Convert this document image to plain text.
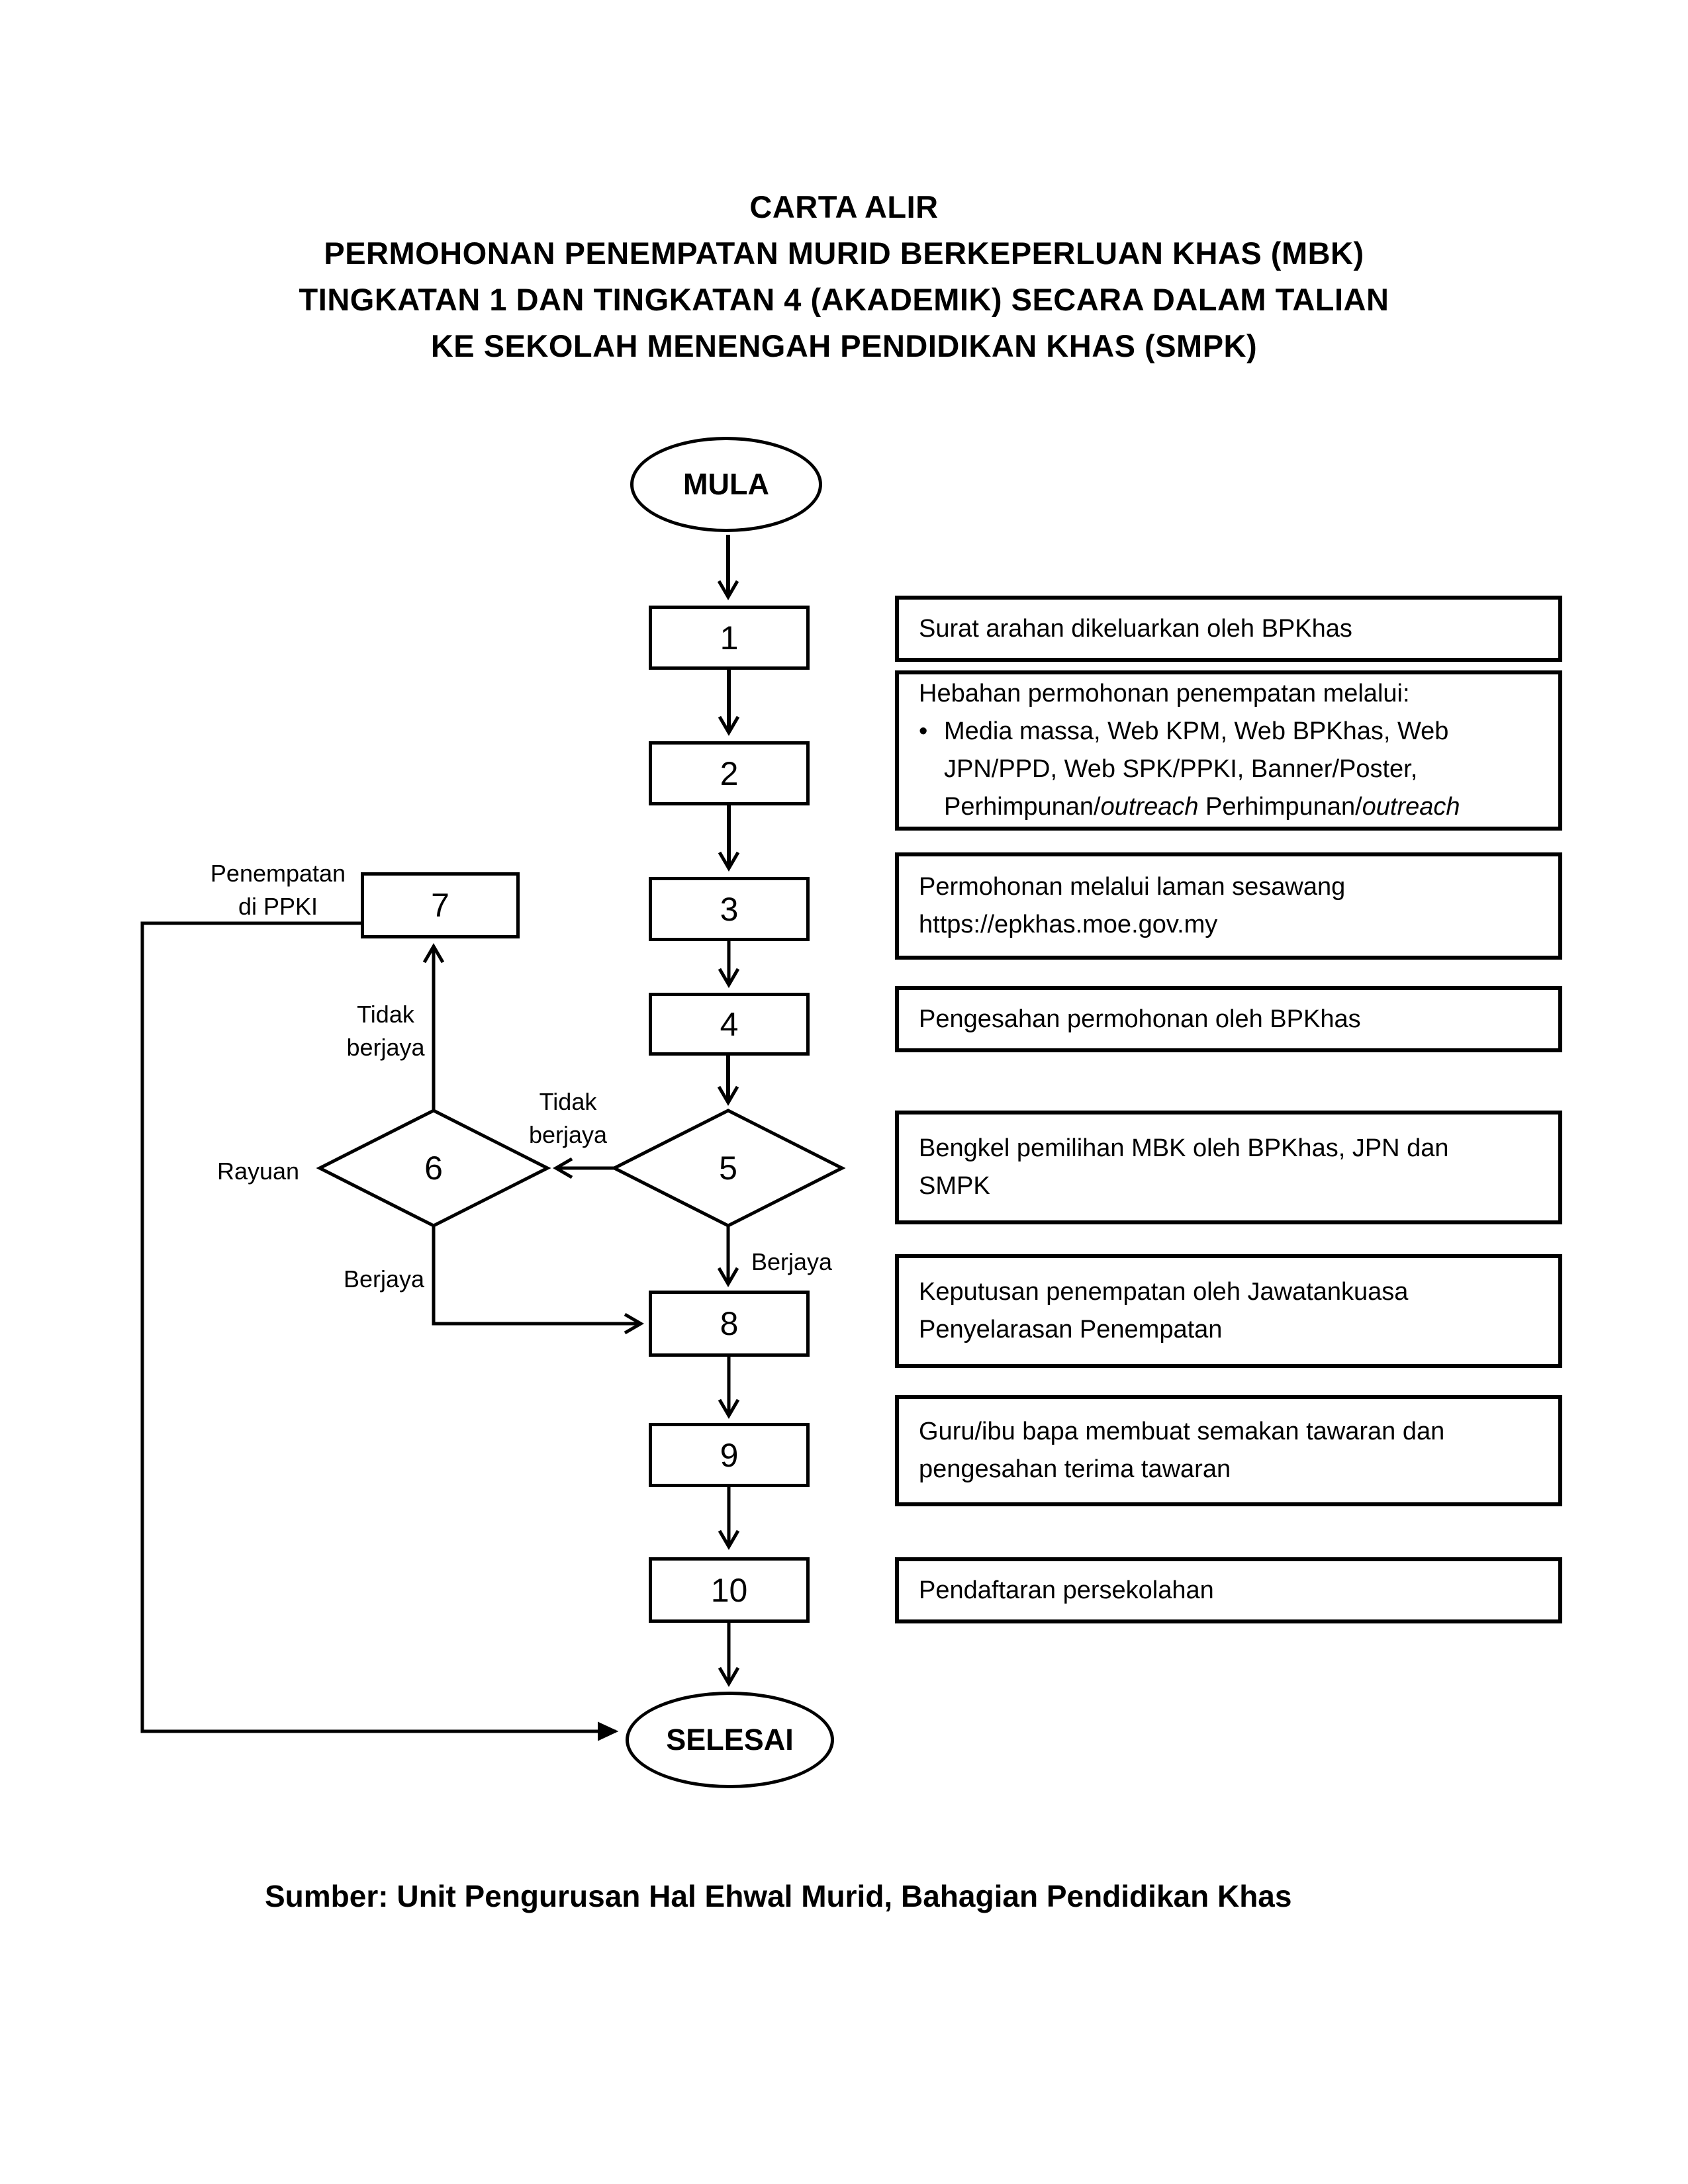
CARTA ALIR
PERMOHONAN PENEMPATAN MURID BERKEPERLUAN KHAS (MBK)
TINGKATAN 1 DAN TINGKATAN 4 (AKADEMIK) SECARA DALAM TALIAN
KE SEKOLAH MENENGAH PENDIDIKAN KHAS (SMPK)
MULA
1
2
3
4
7
8
9
10
5
6
SELESAI
Penempatan
di PPKI
Tidak
berjaya
Tidak
berjaya
Rayuan
Berjaya
Berjaya
Surat arahan dikeluarkan oleh BPKhas
Hebahan permohonan penempatan melalui:
• Media massa, Web KPM, Web BPKhas, Web
JPN/PPD, Web SPK/PPKI, Banner/Poster,
Perhimpunan/outreach Perhimpunan/outreach
Permohonan melalui laman sesawang
https://epkhas.moe.gov.my
Pengesahan permohonan oleh BPKhas
Bengkel pemilihan MBK oleh BPKhas, JPN dan
SMPK
Keputusan penempatan oleh Jawatankuasa
Penyelarasan Penempatan
Guru/ibu bapa membuat semakan tawaran dan
pengesahan terima tawaran
Pendaftaran persekolahan
Sumber: Unit Pengurusan Hal Ehwal Murid, Bahagian Pendidikan Khas
